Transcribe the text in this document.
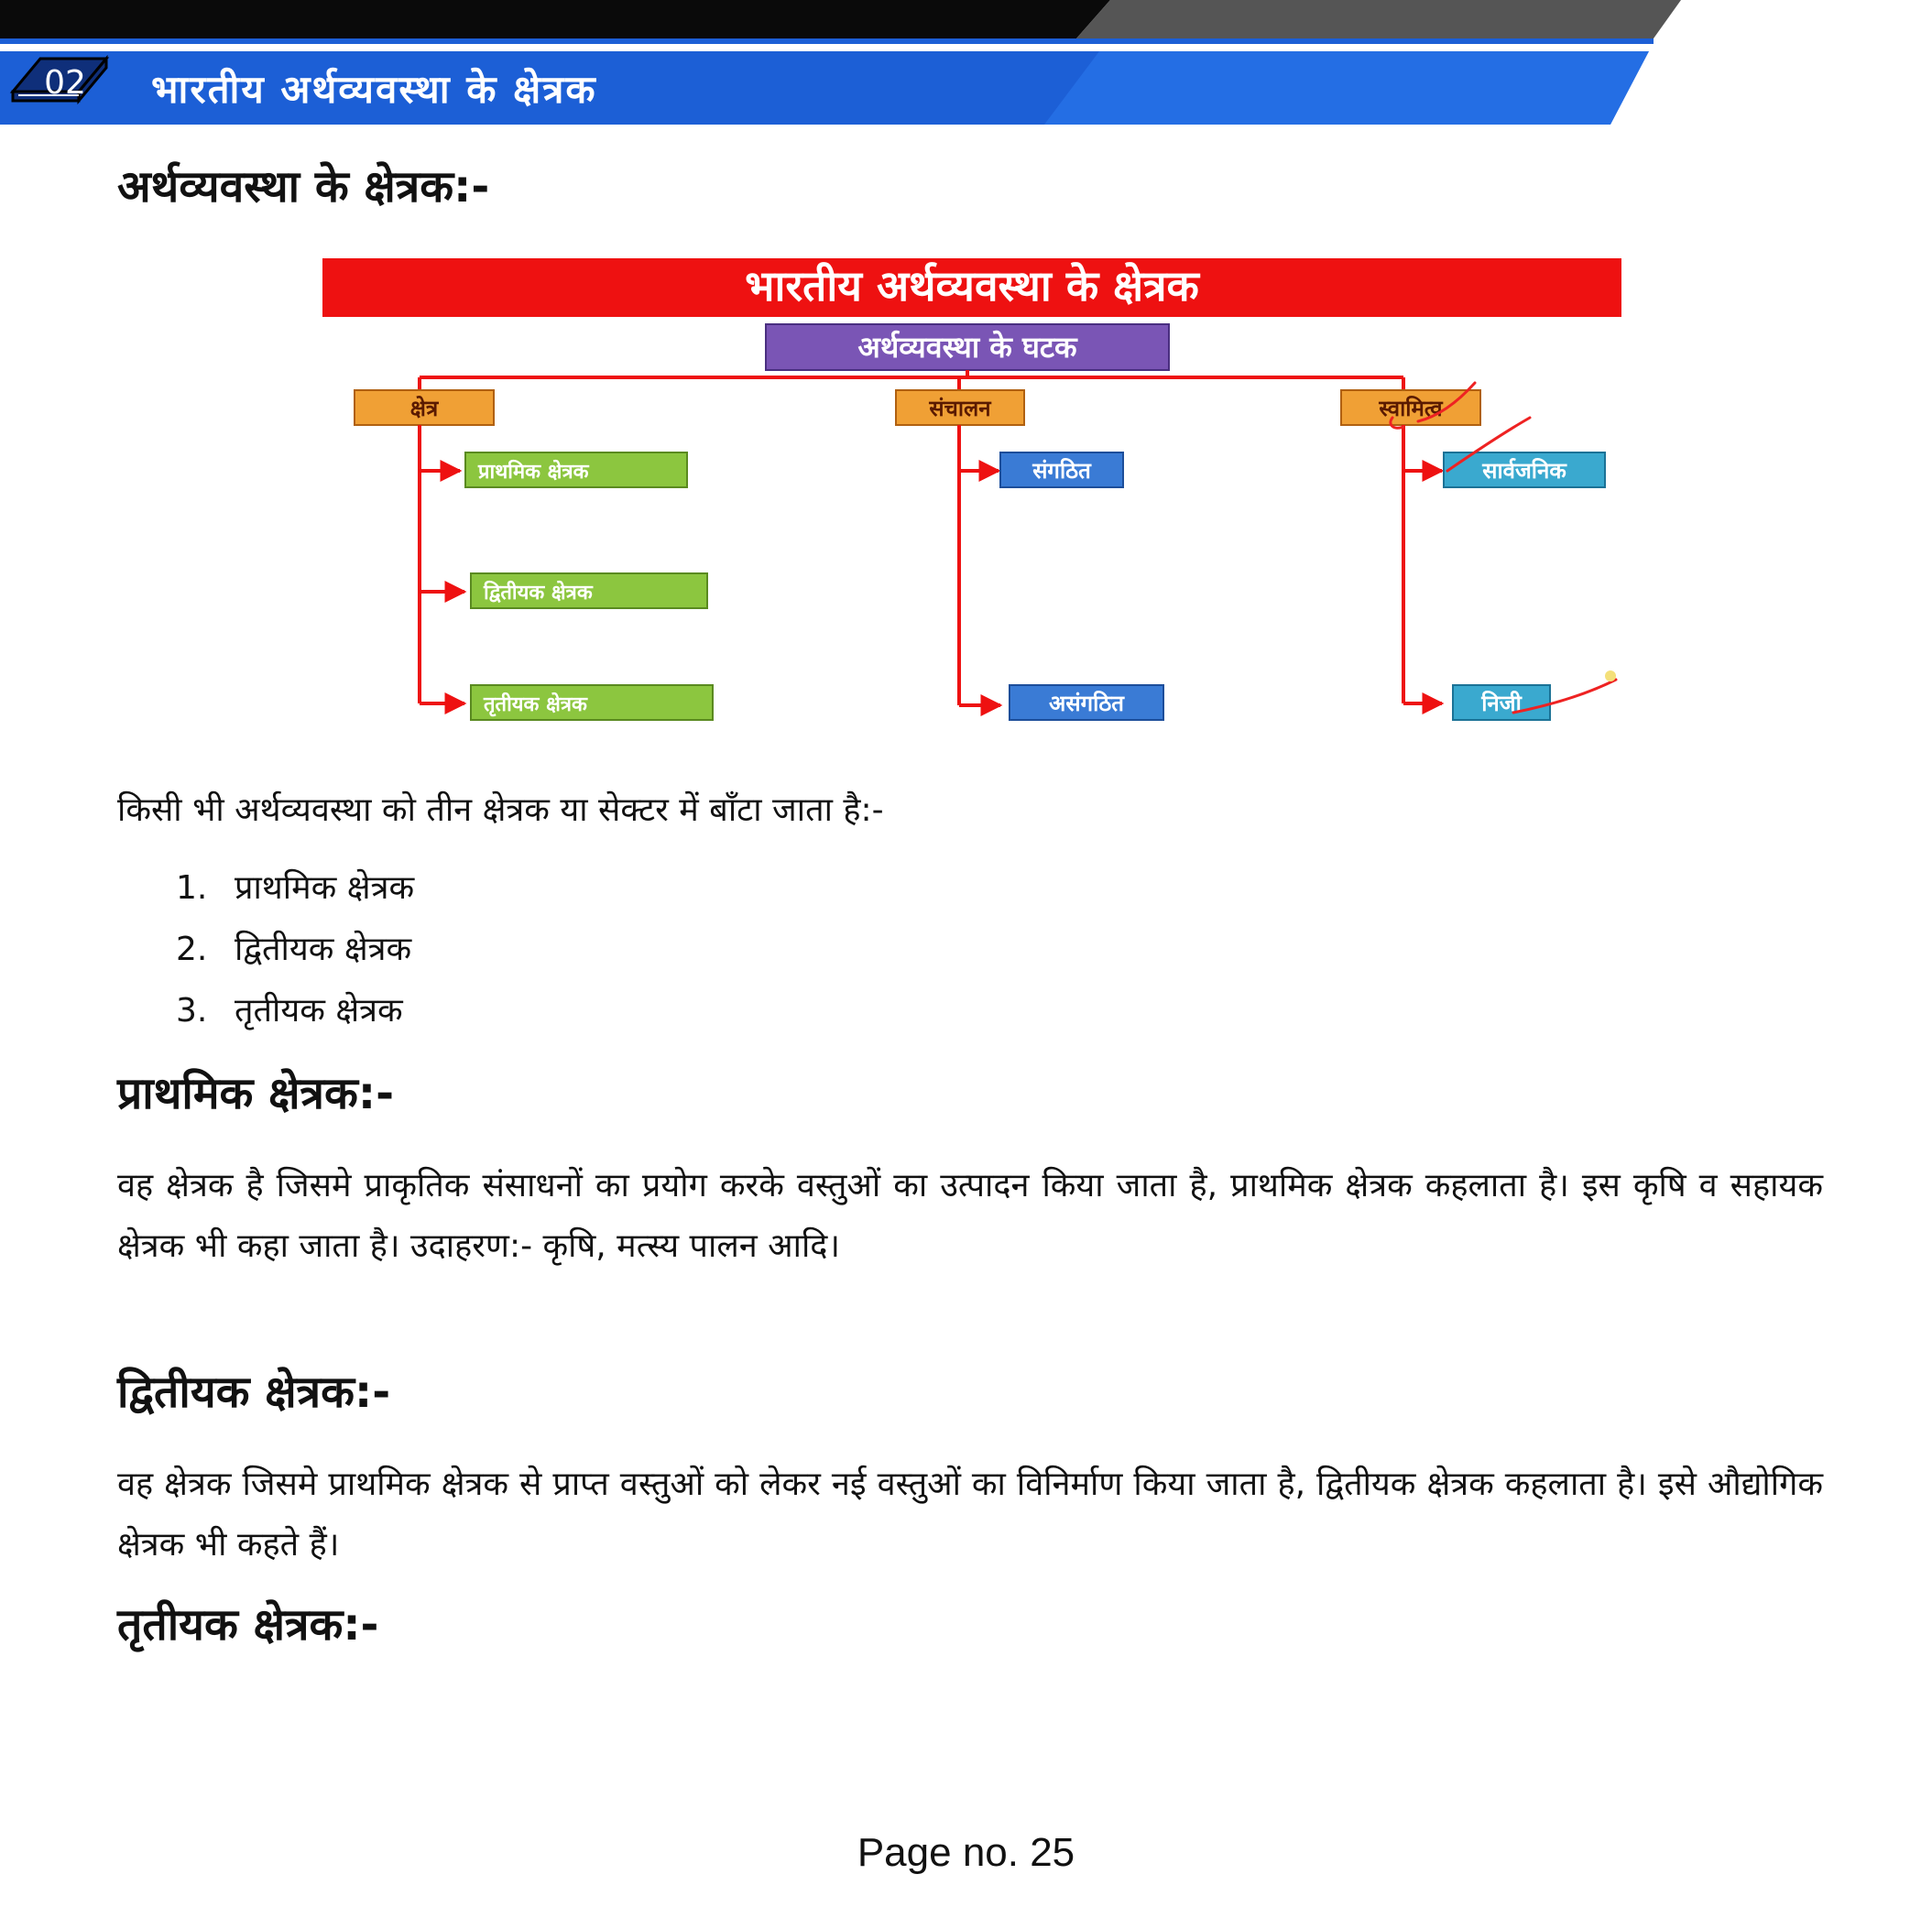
02 भारतीय अर्थव्यवस्था के क्षेत्रक
अर्थव्यवस्था के क्षेत्रक:-
भारतीय अर्थव्यवस्था के क्षेत्रक
अर्थव्यवस्था के घटक
क्षेत्र
प्राथमिक क्षेत्रक
द्वितीयक क्षेत्रक
तृतीयक क्षेत्रक
संचालन
संगठित
असंगठित
स्वामित्व
सार्वजनिक
निजी

किसी भी अर्थव्यवस्था को तीन क्षेत्रक या सेक्टर में बाँटा जाता है:-

1. प्राथमिक क्षेत्रक
2. द्वितीयक क्षेत्रक
3. तृतीयक क्षेत्रक
प्राथमिक क्षेत्रक:-

वह क्षेत्रक है जिसमे प्राकृतिक संसाधनों का प्रयोग करके वस्तुओं का उत्पादन किया जाता है, प्राथमिक क्षेत्रक कहलाता है। इस कृषि व सहायक क्षेत्रक भी कहा जाता है। उदाहरण:- कृषि, मत्स्य पालन आदि।

द्वितीयक क्षेत्रक:-

वह क्षेत्रक जिसमे प्राथमिक क्षेत्रक से प्राप्त वस्तुओं को लेकर नई वस्तुओं का विनिर्माण किया जाता है, द्वितीयक क्षेत्रक कहलाता है। इसे औद्योगिक क्षेत्रक भी कहते हैं।

तृतीयक क्षेत्रक:-
Page no. 25
